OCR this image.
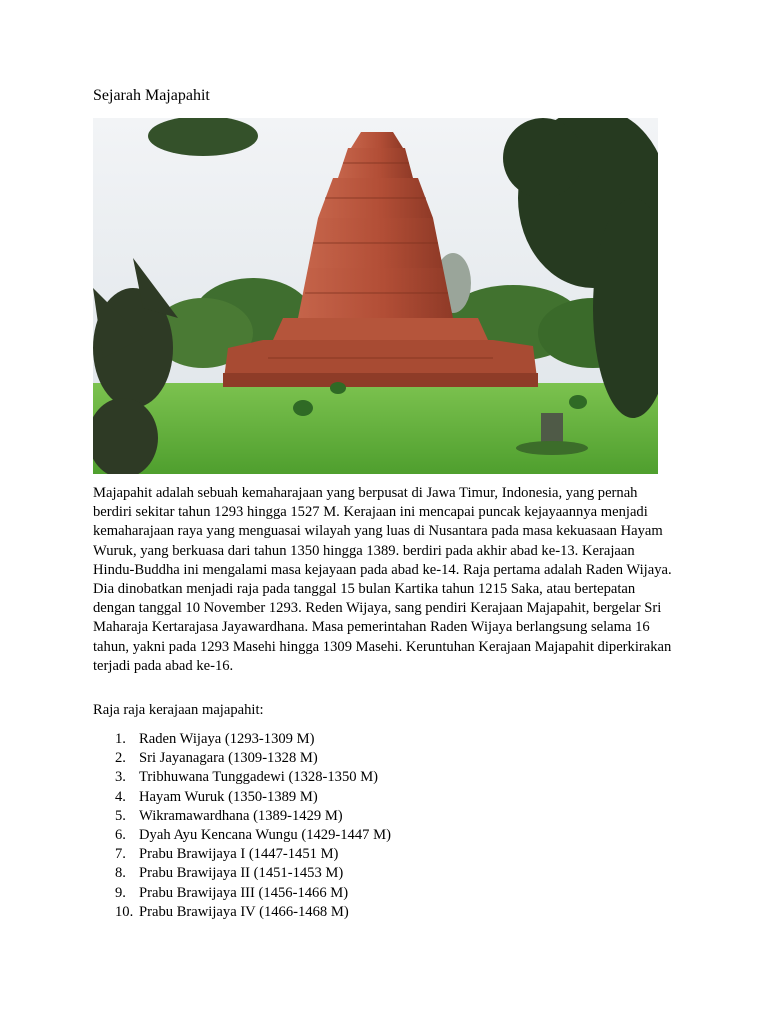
Sejarah Majapahit

Majapahit adalah sebuah kemaharajaan yang berpusat di Jawa Timur, Indonesia, yang pernah berdiri sekitar tahun 1293 hingga 1527 M. Kerajaan ini mencapai puncak kejayaannya menjadi kemaharajaan raya yang menguasai wilayah yang luas di Nusantara pada masa kekuasaan Hayam Wuruk, yang berkuasa dari tahun 1350 hingga 1389. berdiri pada akhir abad ke-13. Kerajaan Hindu-Buddha ini mengalami masa kejayaan pada abad ke-14. Raja pertama adalah Raden Wijaya. Dia dinobatkan menjadi raja pada tanggal 15 bulan Kartika tahun 1215 Saka, atau bertepatan dengan tanggal 10 November 1293. Reden Wijaya, sang pendiri Kerajaan Majapahit, bergelar Sri Maharaja Kertarajasa Jayawardhana. Masa pemerintahan Raden Wijaya berlangsung selama 16 tahun, yakni pada 1293 Masehi hingga 1309 Masehi. Keruntuhan Kerajaan Majapahit diperkirakan terjadi pada abad ke-16.

Raja raja kerajaan majapahit:

1. Raden Wijaya (1293-1309 M)
2. Sri Jayanagara (1309-1328 M)
3. Tribhuwana Tunggadewi (1328-1350 M)
4. Hayam Wuruk (1350-1389 M)
5. Wikramawardhana (1389-1429 M)
6. Dyah Ayu Kencana Wungu (1429-1447 M)
7. Prabu Brawijaya I (1447-1451 M)
8. Prabu Brawijaya II (1451-1453 M)
9. Prabu Brawijaya III (1456-1466 M)
10. Prabu Brawijaya IV (1466-1468 M)
